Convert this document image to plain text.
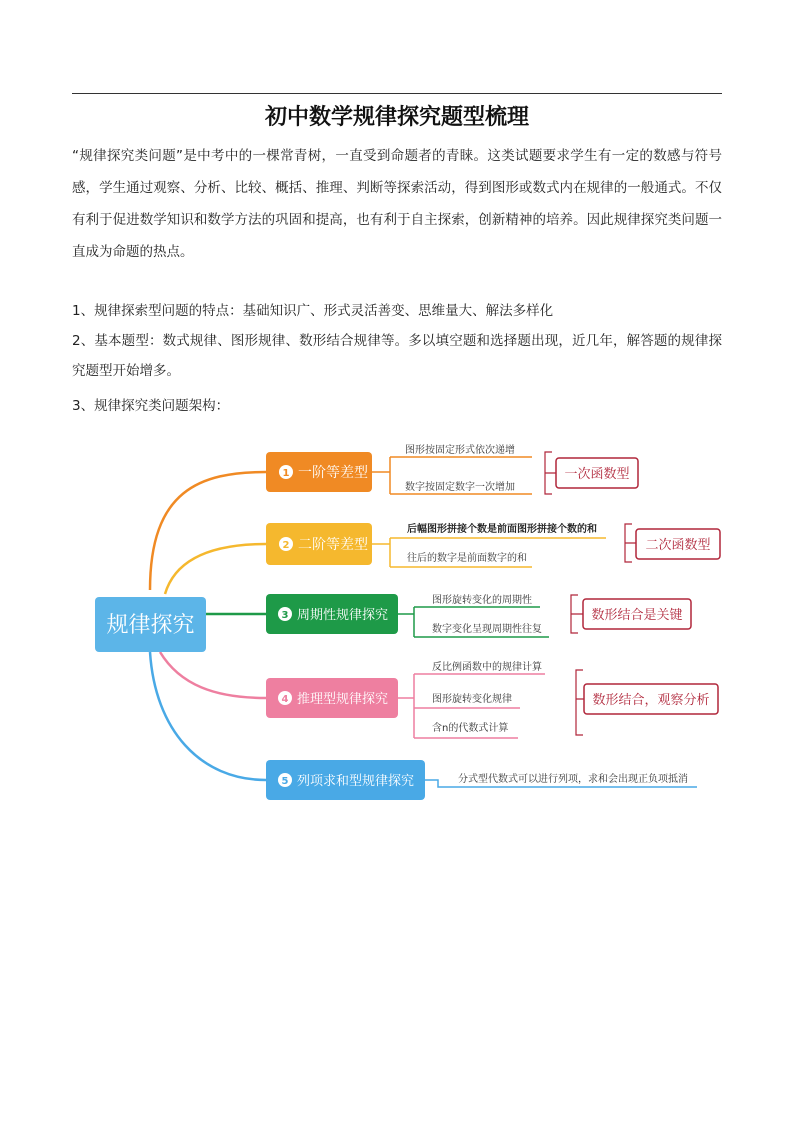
初中数学规律探究题型梳理

“规律探究类问题”是中考中的一棵常青树，一直受到命题者的青睐。这类试题要求学生有一定的数感与符号感，学生通过观察、分析、比较、概括、推理、判断等探索活动，得到图形或数式内在规律的一般通式。不仅有利于促进数学知识和数学方法的巩固和提高，也有利于自主探索，创新精神的培养。因此规律探究类问题一直成为命题的热点。

1、规律探索型问题的特点：基础知识广、形式灵活善变、思维量大、解法多样化

2、基本题型：数式规律、图形规律、数形结合规律等。多以填空题和选择题出现，近几年，解答题的规律探究题型开始增多。

3、规律探究类问题架构：

规律探究
1 一阶等差型
图形按固定形式依次递增
数字按固定数字一次增加
一次函数型
2 二阶等差型
后幅图形拼接个数是前面图形拼接个数的和
往后的数字是前面数字的和
二次函数型
3 周期性规律探究
图形旋转变化的周期性
数字变化呈现周期性往复
数形结合是关键
4 推理型规律探究
反比例函数中的规律计算
图形旋转变化规律
含n的代数式计算
数形结合，观察分析
5 列项求和型规律探究	分式型代数式可以进行列项，求和会出现正负项抵消
